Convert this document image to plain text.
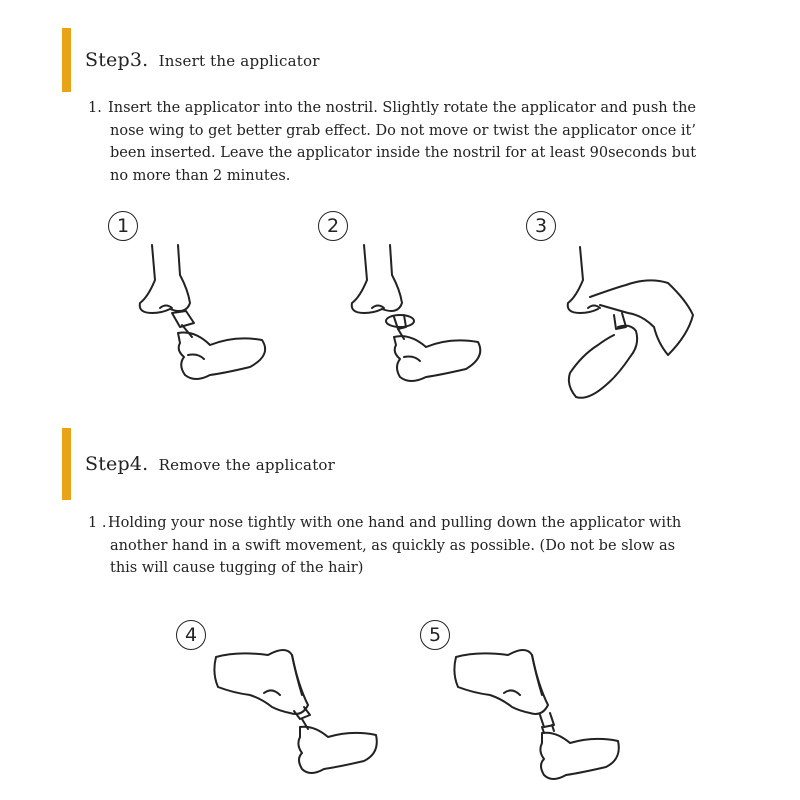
Step3. Insert the applicator
1. Insert the applicator into the nostril. Slightly rotate the applicator and push the
nose wing to get better grab effect. Do not move or twist the applicator once it’
been inserted. Leave the applicator inside the nostril for at least 90seconds but
no more than 2 minutes.
1	2	3
Step4. Remove the applicator
1 . Holding your nose tightly with one hand and pulling down the applicator with
another hand in a swift movement, as quickly as possible. (Do not be slow as
this will cause tugging of the hair)
4	5
